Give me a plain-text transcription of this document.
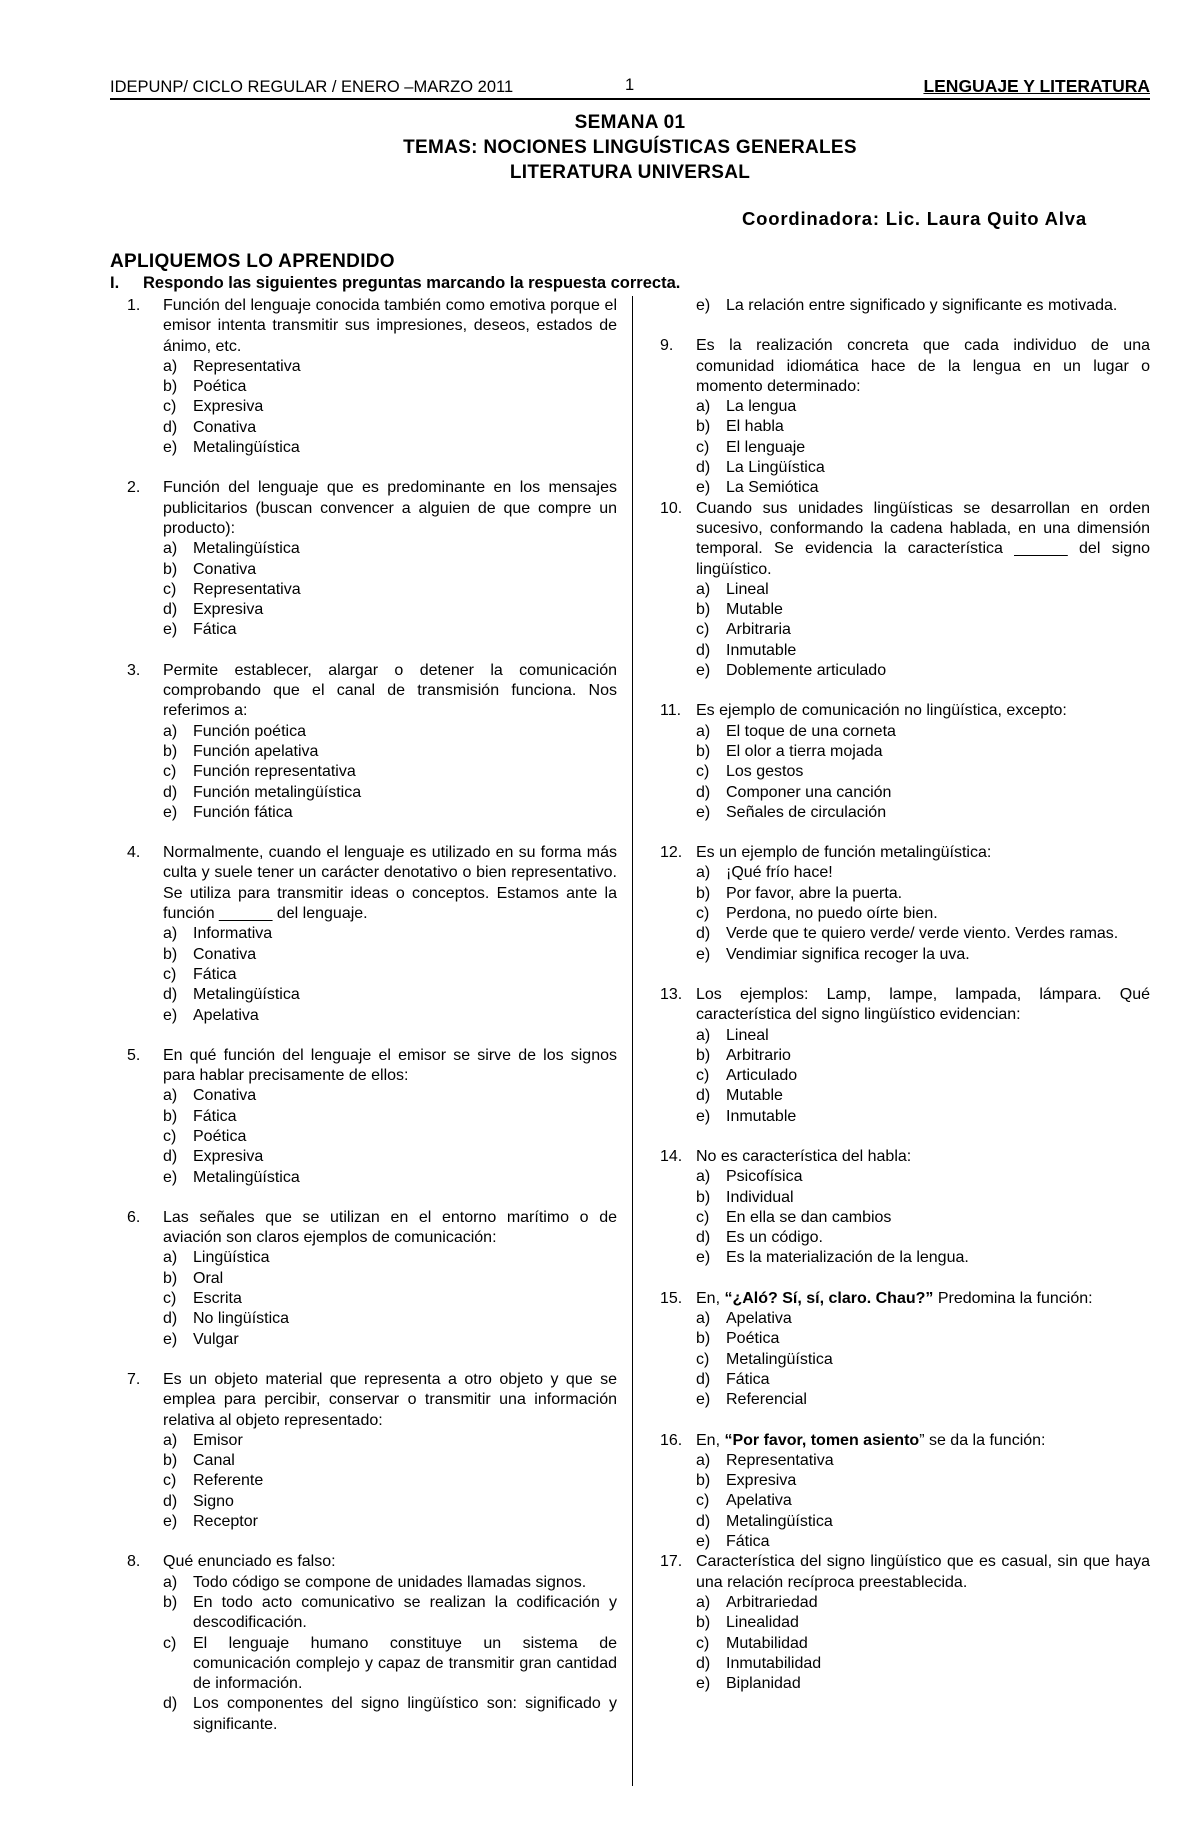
IDEPUNP/ CICLO REGULAR / ENERO –MARZO 2011	1	LENGUAJE Y LITERATURA
SEMANA 01
TEMAS: NOCIONES LINGUÍSTICAS GENERALES
LITERATURA UNIVERSAL
Coordinadora: Lic. Laura Quito Alva
APLIQUEMOS LO APRENDIDO
I. Respondo las siguientes preguntas marcando la respuesta correcta.
1. Función del lenguaje conocida también como emotiva porque el emisor intenta transmitir sus impresiones, deseos, estados de ánimo, etc.
a) Representativa
b) Poética
c) Expresiva
d) Conativa
e) Metalingüística
2. Función del lenguaje que es predominante en los mensajes publicitarios (buscan convencer a alguien de que compre un producto):
a) Metalingüística
b) Conativa
c) Representativa
d) Expresiva
e) Fática
3. Permite establecer, alargar o detener la comunicación comprobando que el canal de transmisión funciona. Nos referimos a:
a) Función poética
b) Función apelativa
c) Función representativa
d) Función metalingüística
e) Función fática
4. Normalmente, cuando el lenguaje es utilizado en su forma más culta y suele tener un carácter denotativo o bien representativo. Se utiliza para transmitir ideas o conceptos. Estamos ante la función ______ del lenguaje.
a) Informativa
b) Conativa
c) Fática
d) Metalingüística
e) Apelativa
5. En qué función del lenguaje el emisor se sirve de los signos para hablar precisamente de ellos:
a) Conativa
b) Fática
c) Poética
d) Expresiva
e) Metalingüística
6. Las señales que se utilizan en el entorno marítimo o de aviación son claros ejemplos de comunicación:
a) Lingüística
b) Oral
c) Escrita
d) No lingüística
e) Vulgar
7. Es un objeto material que representa a otro objeto y que se emplea para percibir, conservar o transmitir una información relativa al objeto representado:
a) Emisor
b) Canal
c) Referente
d) Signo
e) Receptor
8. Qué enunciado es falso:
a) Todo código se compone de unidades llamadas signos.
b) En todo acto comunicativo se realizan la codificación y descodificación.
c) El lenguaje humano constituye un sistema de comunicación complejo y capaz de transmitir gran cantidad de información.
d) Los componentes del signo lingüístico son: significado y significante.
e) La relación entre significado y significante es motivada.
9. Es la realización concreta que cada individuo de una comunidad idiomática hace de la lengua en un lugar o momento determinado:
a) La lengua
b) El habla
c) El lenguaje
d) La Lingüística
e) La Semiótica
10. Cuando sus unidades lingüísticas se desarrollan en orden sucesivo, conformando la cadena hablada, en una dimensión temporal. Se evidencia la característica ______ del signo lingüístico.
a) Lineal
b) Mutable
c) Arbitraria
d) Inmutable
e) Doblemente articulado
11. Es ejemplo de comunicación no lingüística, excepto:
a) El toque de una corneta
b) El olor a tierra mojada
c) Los gestos
d) Componer una canción
e) Señales de circulación
12. Es un ejemplo de función metalingüística:
a) ¡Qué frío hace!
b) Por favor, abre la puerta.
c) Perdona, no puedo oírte bien.
d) Verde que te quiero verde/ verde viento. Verdes ramas.
e) Vendimiar significa recoger la uva.
13. Los ejemplos: Lamp, lampe, lampada, lámpara. Qué característica del signo lingüístico evidencian:
a) Lineal
b) Arbitrario
c) Articulado
d) Mutable
e) Inmutable
14. No es característica del habla:
a) Psicofísica
b) Individual
c) En ella se dan cambios
d) Es un código.
e) Es la materialización de la lengua.
15. En, “¿Aló? Sí, sí, claro. Chau?” Predomina la función:
a) Apelativa
b) Poética
c) Metalingüística
d) Fática
e) Referencial
16. En, “Por favor, tomen asiento” se da la función:
a) Representativa
b) Expresiva
c) Apelativa
d) Metalingüística
e) Fática
17. Característica del signo lingüístico que es casual, sin que haya una relación recíproca preestablecida.
a) Arbitrariedad
b) Linealidad
c) Mutabilidad
d) Inmutabilidad
e) Biplanidad
